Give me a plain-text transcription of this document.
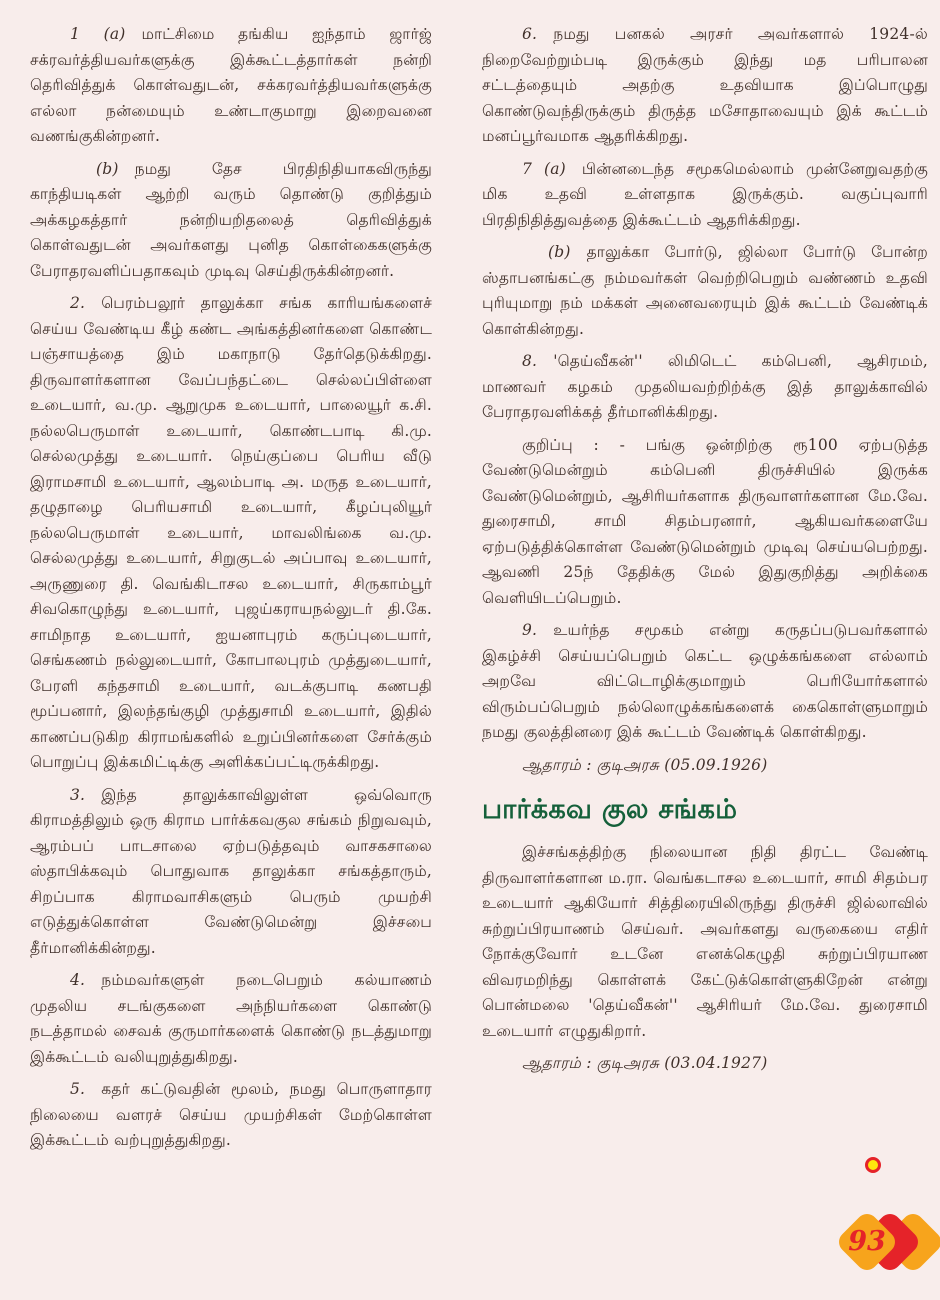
1 (a) மாட்சிமை தங்கிய ஐந்தாம் ஜார்ஜ் சக்ரவர்த்தியவர்களுக்கு இக்கூட்டத்தார்கள் நன்றி தெரிவித்துக் கொள்வதுடன், சக்கரவர்த்தியவர்களுக்கு எல்லா நன்மையும் உண்டாகுமாறு இறைவனை வணங்குகின்றனர்.

(b) நமது தேச பிரதிநிதியாகவிருந்து காந்தியடிகள் ஆற்றி வரும் தொண்டு குறித்தும் அக்கழகத்தார் நன்றியறிதலைத் தெரிவித்துக் கொள்வதுடன் அவர்களது புனித கொள்கைகளுக்கு பேராதரவளிப்பதாகவும் முடிவு செய்திருக்கின்றனர்.

2. பெரம்பலூர் தாலுக்கா சங்க காரியங்களைச் செய்ய வேண்டிய கீழ் கண்ட அங்கத்தினர்களை கொண்ட பஞ்சாயத்தை இம் மகாநாடு தேர்தெடுக்கிறது. திருவாளர்களான வேப்பந்தட்டை செல்லப்பிள்ளை உடையார், வ.மு. ஆறுமுக உடையார், பாலையூர் க.சி. நல்லபெருமாள் உடையார், கொண்டபாடி கி.மு. செல்லமுத்து உடையார். நெய்குப்பை பெரிய வீடு இராமசாமி உடையார், ஆலம்பாடி அ. மருத உடையார், தழுதாழை பெரியசாமி உடையார், கீழப்புலியூர் நல்லபெருமாள் உடையார், மாவலிங்கை வ.மு. செல்லமுத்து உடையார், சிறுகுடல் அப்பாவு உடையார், அருணுரை தி. வெங்கிடாசல உடையார், சிருகாம்பூர் சிவகொழுந்து உடையார், புஜய்கராயநல்லுடர் தி.கே. சாமிநாத உடையார், ஐயனாபுரம் கருப்புடையார், செங்கணம் நல்லுடையார், கோபாலபுரம் முத்துடையார், பேரளி கந்தசாமி உடையார், வடக்குபாடி கணபதி மூப்பனார், இலந்தங்குழி முத்துசாமி உடையார், இதில் காணப்படுகிற கிராமங்களில் உறுப்பினர்களை சேர்க்கும் பொறுப்பு இக்கமிட்டிக்கு அளிக்கப்பட்டிருக்கிறது.

3. இந்த தாலுக்காவிலுள்ள ஒவ்வொரு கிராமத்திலும் ஒரு கிராம பார்க்கவகுல சங்கம் நிறுவவும், ஆரம்பப் பாடசாலை ஏற்படுத்தவும் வாசகசாலை ஸ்தாபிக்கவும் பொதுவாக தாலுக்கா சங்கத்தாரும், சிறப்பாக கிராமவாசிகளும் பெரும் முயற்சி எடுத்துக்கொள்ள வேண்டுமென்று இச்சபை தீர்மானிக்கின்றது.

4. நம்மவர்களுள் நடைபெறும் கல்யாணம் முதலிய சடங்குகளை அந்நியர்களை கொண்டு நடத்தாமல் சைவக் குருமார்களைக் கொண்டு நடத்துமாறு இக்கூட்டம் வலியுறுத்துகிறது.

5. கதர் கட்டுவதின் மூலம், நமது பொருளாதார நிலையை வளரச் செய்ய முயற்சிகள் மேற்கொள்ள இக்கூட்டம் வற்புறுத்துகிறது.

6. நமது பனகல் அரசர் அவர்களால் 1924-ல் நிறைவேற்றும்படி இருக்கும் இந்து மத பரிபாலன சட்டத்தையும் அதற்கு உதவியாக இப்பொழுது கொண்டுவந்திருக்கும் திருத்த மசோதாவையும் இக் கூட்டம் மனப்பூர்வமாக ஆதரிக்கிறது.

7 (a) பின்னடைந்த சமூகமெல்லாம் முன்னேறுவதற்கு மிக உதவி உள்ளதாக இருக்கும். வகுப்புவாரி பிரதிநிதித்துவத்தை இக்கூட்டம் ஆதரிக்கிறது.

(b) தாலுக்கா போர்டு, ஜில்லா போர்டு போன்ற ஸ்தாபனங்கட்கு நம்மவர்கள் வெற்றிபெறும் வண்ணம் உதவி புரியுமாறு நம் மக்கள் அனைவரையும் இக் கூட்டம் வேண்டிக் கொள்கின்றது.

8. 'தெய்வீகன்'' லிமிடெட் கம்பெனி, ஆசிரமம், மாணவர் கழகம் முதலியவற்றிற்க்கு இத் தாலுக்காவில் பேராதரவளிக்கத் தீர்மானிக்கிறது.

குறிப்பு : - பங்கு ஒன்றிற்கு ரூ100 ஏற்படுத்த வேண்டுமென்றும் கம்பெனி திருச்சியில் இருக்க வேண்டுமென்றும், ஆசிரியர்களாக திருவாளர்களான மே.வே. துரைசாமி, சாமி சிதம்பரனார், ஆகியவர்களையே ஏற்படுத்திக்கொள்ள வேண்டுமென்றும் முடிவு செய்யபெற்றது. ஆவணி 25ந் தேதிக்கு மேல் இதுகுறித்து அறிக்கை வெளியிடப்பெறும்.

9. உயர்ந்த சமூகம் என்று கருதப்படுபவர்களால் இகழ்ச்சி செய்யப்பெறும் கெட்ட ஒழுக்கங்களை எல்லாம் அறவே விட்டொழிக்குமாறும் பெரியோர்களால் விரும்பப்பெறும் நல்லொழுக்கங்களைக் கைகொள்ளுமாறும் நமது குலத்தினரை இக் கூட்டம் வேண்டிக் கொள்கிறது.

ஆதாரம் : குடிஅரசு (05.09.1926)

பார்க்கவ குல சங்கம்

இச்சங்கத்திற்கு நிலையான நிதி திரட்ட வேண்டி திருவாளர்களான ம.ரா. வெங்கடாசல உடையார், சாமி சிதம்பர உடையார் ஆகியோர் சித்திரையிலிருந்து திருச்சி ஜில்லாவில் சுற்றுப்பிரயாணம் செய்வர். அவர்களது வருகையை எதிர் நோக்குவோர் உடனே எனக்கெழுதி சுற்றுப்பிரயாண விவரமறிந்து கொள்ளக் கேட்டுக்கொள்ளுகிறேன் என்று பொன்மலை 'தெய்வீகன்'' ஆசிரியர் மே.வே. துரைசாமி உடையார் எழுதுகிறார்.

ஆதாரம் : குடிஅரசு (03.04.1927)

93
